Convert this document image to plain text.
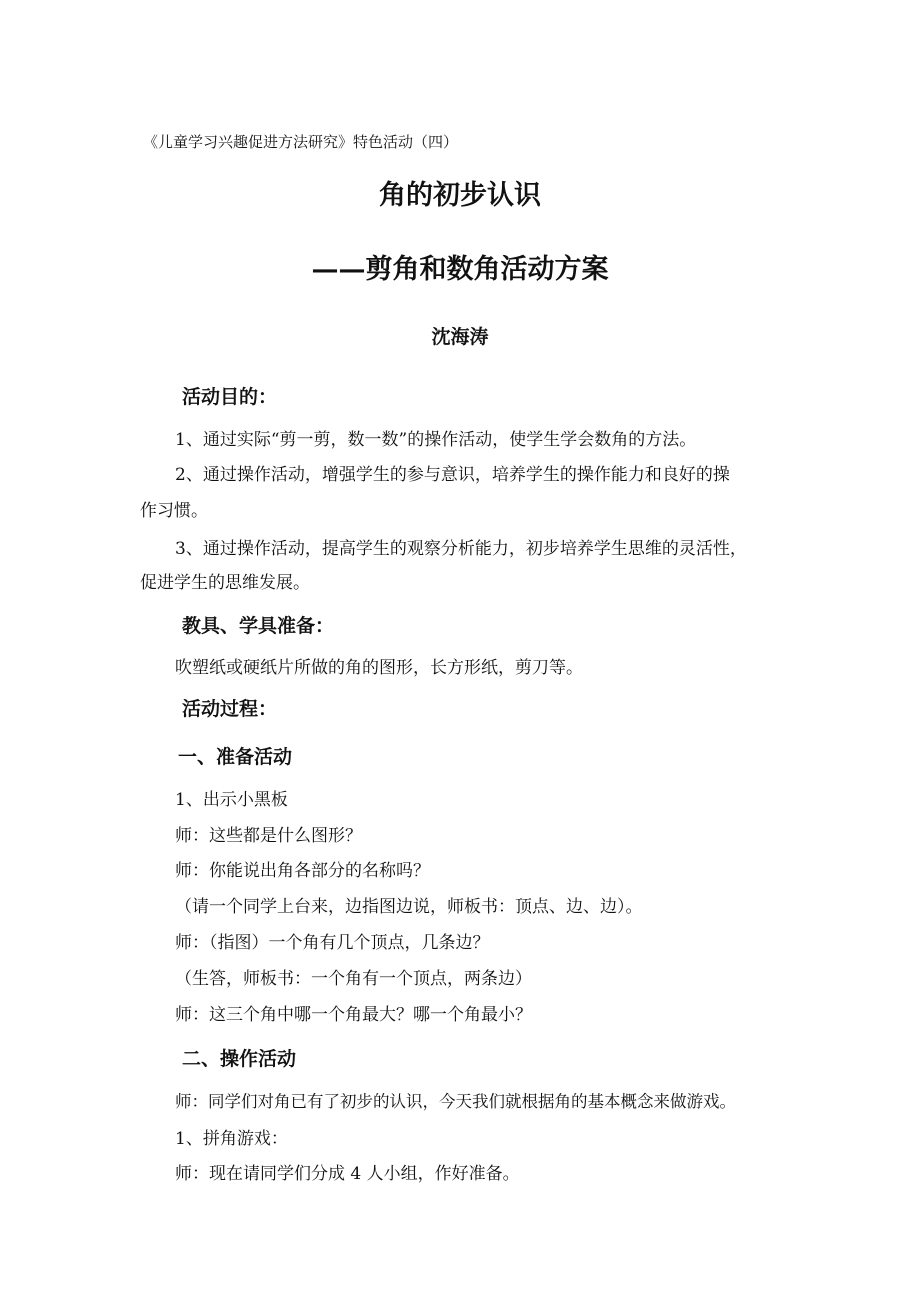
《儿童学习兴趣促进方法研究》特色活动（四）
角的初步认识
——剪角和数角活动方案
沈海涛
活动目的：
1、通过实际“剪一剪，数一数”的操作活动，使学生学会数角的方法。
2、通过操作活动，增强学生的参与意识，培养学生的操作能力和良好的操
作习惯。
3、通过操作活动，提高学生的观察分析能力，初步培养学生思维的灵活性，
促进学生的思维发展。
教具、学具准备：
吹塑纸或硬纸片所做的角的图形，长方形纸，剪刀等。
活动过程：
一、准备活动
1、出示小黑板
师：这些都是什么图形？
师：你能说出角各部分的名称吗？
（请一个同学上台来，边指图边说，师板书：顶点、边、边）。
师：（指图）一个角有几个顶点，几条边？
（生答，师板书：一个角有一个顶点，两条边）
师：这三个角中哪一个角最大？哪一个角最小？
二、操作活动
师：同学们对角已有了初步的认识，今天我们就根据角的基本概念来做游戏。
1、拼角游戏：
师：现在请同学们分成 4 人小组，作好准备。
